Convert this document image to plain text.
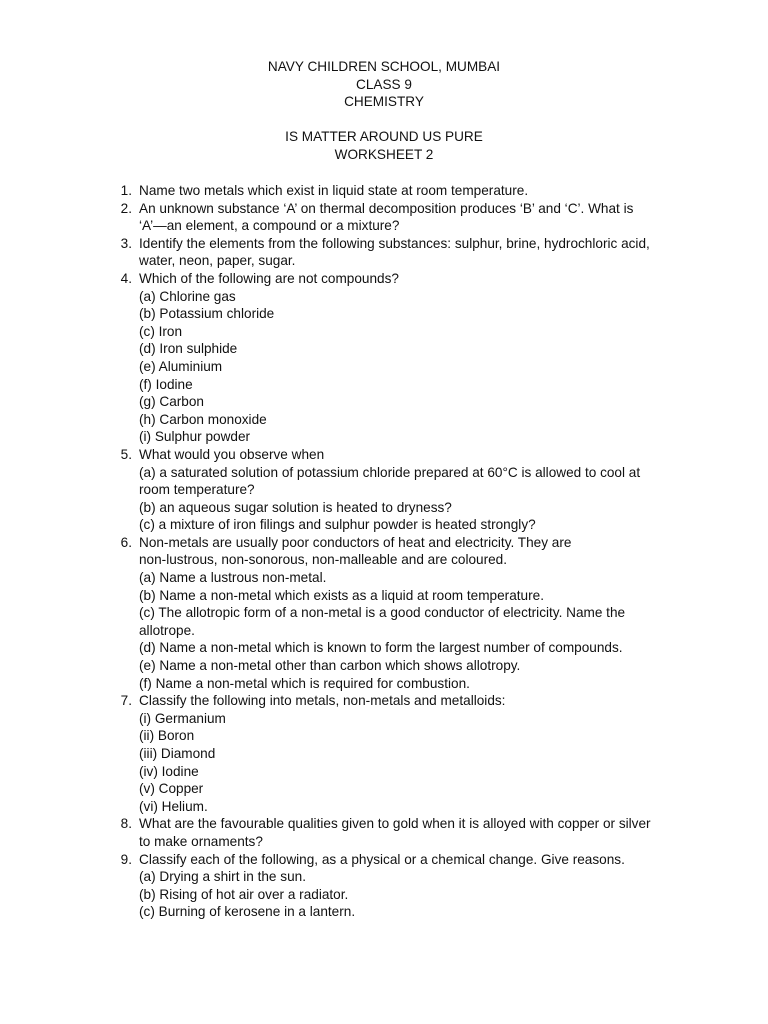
NAVY CHILDREN SCHOOL, MUMBAI
CLASS 9
CHEMISTRY
IS MATTER AROUND US PURE
WORKSHEET 2
1. Name two metals which exist in liquid state at room temperature.
2. An unknown substance ‘A’ on thermal decomposition produces ‘B’ and ‘C’. What is
‘A’—an element, a compound or a mixture?
3. Identify the elements from the following substances: sulphur, brine, hydrochloric acid,
water, neon, paper, sugar.
4. Which of the following are not compounds?
(a) Chlorine gas
(b) Potassium chloride
(c) Iron
(d) Iron sulphide
(e) Aluminium
(f) Iodine
(g) Carbon
(h) Carbon monoxide
(i) Sulphur powder
5. What would you observe when
(a) a saturated solution of potassium chloride prepared at 60°C is allowed to cool at
room temperature?
(b) an aqueous sugar solution is heated to dryness?
(c) a mixture of iron filings and sulphur powder is heated strongly?
6. Non-metals are usually poor conductors of heat and electricity. They are
non-lustrous, non-sonorous, non-malleable and are coloured.
(a) Name a lustrous non-metal.
(b) Name a non-metal which exists as a liquid at room temperature.
(c) The allotropic form of a non-metal is a good conductor of electricity. Name the
allotrope.
(d) Name a non-metal which is known to form the largest number of compounds.
(e) Name a non-metal other than carbon which shows allotropy.
(f) Name a non-metal which is required for combustion.
7. Classify the following into metals, non-metals and metalloids:
(i) Germanium
(ii) Boron
(iii) Diamond
(iv) Iodine
(v) Copper
(vi) Helium.
8. What are the favourable qualities given to gold when it is alloyed with copper or silver
to make ornaments?
9. Classify each of the following, as a physical or a chemical change. Give reasons.
(a) Drying a shirt in the sun.
(b) Rising of hot air over a radiator.
(c) Burning of kerosene in a lantern.
